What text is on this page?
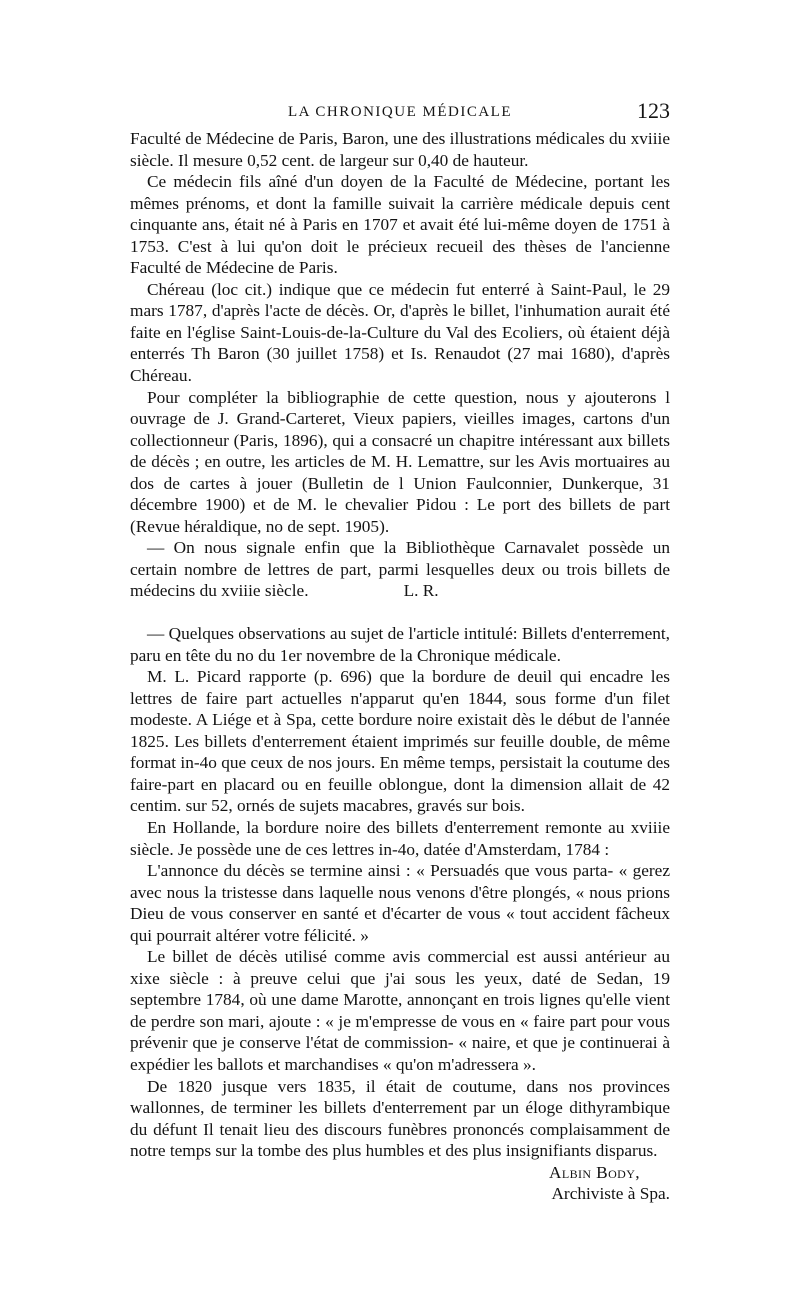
LA CHRONIQUE MÉDICALE	123

Faculté de Médecine de Paris, Baron, une des illustrations médicales du xviiie siècle. Il mesure 0,52 cent. de largeur sur 0,40 de hauteur.

Ce médecin fils aîné d'un doyen de la Faculté de Médecine, portant les mêmes prénoms, et dont la famille suivait la carrière médicale depuis cent cinquante ans, était né à Paris en 1707 et avait été lui-même doyen de 1751 à 1753. C'est à lui qu'on doit le précieux recueil des thèses de l'ancienne Faculté de Médecine de Paris.

Chéreau (loc cit.) indique que ce médecin fut enterré à Saint-Paul, le 29 mars 1787, d'après l'acte de décès. Or, d'après le billet, l'inhumation aurait été faite en l'église Saint-Louis-de-la-Culture du Val des Ecoliers, où étaient déjà enterrés Th Baron (30 juillet 1758) et Is. Renaudot (27 mai 1680), d'après Chéreau.

Pour compléter la bibliographie de cette question, nous y ajouterons l ouvrage de J. Grand-Carteret, Vieux papiers, vieilles images, cartons d'un collectionneur (Paris, 1896), qui a consacré un chapitre intéressant aux billets de décès ; en outre, les articles de M. H. Lemattre, sur les Avis mortuaires au dos de cartes à jouer (Bulletin de l Union Faulconnier, Dunkerque, 31 décembre 1900) et de M. le chevalier Pidou : Le port des billets de part (Revue héraldique, no de sept. 1905).

— On nous signale enfin que la Bibliothèque Carnavalet possède un certain nombre de lettres de part, parmi lesquelles deux ou trois billets de médecins du xviiie siècle.	L. R.

— Quelques observations au sujet de l'article intitulé: Billets d'enterrement, paru en tête du no du 1er novembre de la Chronique médicale.

M. L. Picard rapporte (p. 696) que la bordure de deuil qui encadre les lettres de faire part actuelles n'apparut qu'en 1844, sous forme d'un filet modeste. A Liége et à Spa, cette bordure noire existait dès le début de l'année 1825. Les billets d'enterrement étaient imprimés sur feuille double, de même format in-4o que ceux de nos jours. En même temps, persistait la coutume des faire-part en placard ou en feuille oblongue, dont la dimension allait de 42 centim. sur 52, ornés de sujets macabres, gravés sur bois.

En Hollande, la bordure noire des billets d'enterrement remonte au xviiie siècle. Je possède une de ces lettres in-4o, datée d'Amsterdam, 1784 :

L'annonce du décès se termine ainsi : « Persuadés que vous parta- « gerez avec nous la tristesse dans laquelle nous venons d'être plongés, « nous prions Dieu de vous conserver en santé et d'écarter de vous « tout accident fâcheux qui pourrait altérer votre félicité. »

Le billet de décès utilisé comme avis commercial est aussi antérieur au xixe siècle : à preuve celui que j'ai sous les yeux, daté de Sedan, 19 septembre 1784, où une dame Marotte, annonçant en trois lignes qu'elle vient de perdre son mari, ajoute : « je m'empresse de vous en « faire part pour vous prévenir que je conserve l'état de commission- « naire, et que je continuerai à expédier les ballots et marchandises « qu'on m'adressera ».

De 1820 jusque vers 1835, il était de coutume, dans nos provinces wallonnes, de terminer les billets d'enterrement par un éloge dithyrambique du défunt Il tenait lieu des discours funèbres prononcés complaisamment de notre temps sur la tombe des plus humbles et des plus insignifiants disparus.

Albin Body,

Archiviste à Spa.
